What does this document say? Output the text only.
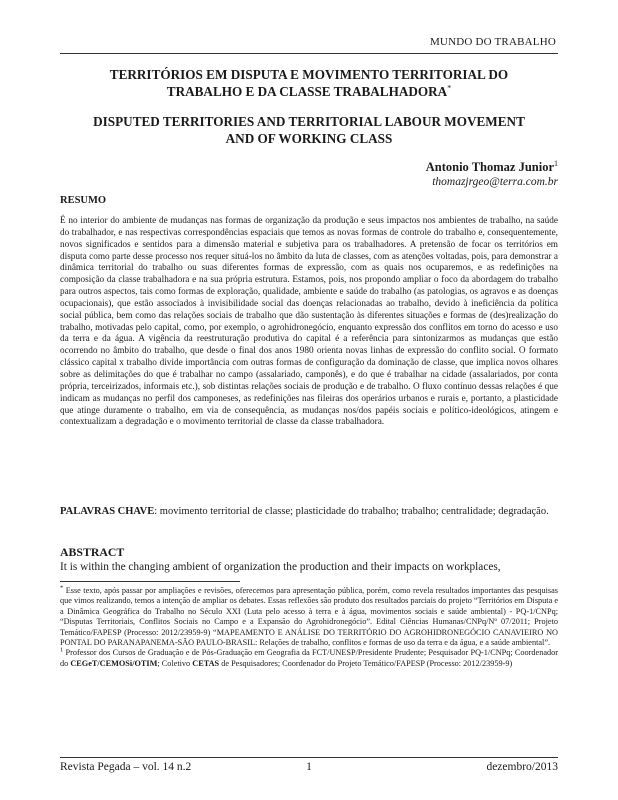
MUNDO DO TRABALHO
TERRITÓRIOS EM DISPUTA E MOVIMENTO TERRITORIAL DO
TRABALHO E DA CLASSE TRABALHADORA*
DISPUTED TERRITORIES AND TERRITORIAL LABOUR MOVEMENT
AND OF WORKING CLASS
Antonio Thomaz Junior$^1$
thomazjrgeo@terra.com.br
RESUMO
É no interior do ambiente de mudanças nas formas de organização da produção e seus impactos nos ambientes de trabalho, na saúde do trabalhador, e nas respectivas correspondências espaciais que temos as novas formas de controle do trabalho e, consequentemente, novos significados e sentidos para a dimensão material e subjetiva para os trabalhadores. A pretensão de focar os territórios em disputa como parte desse processo nos requer situá-los no âmbito da luta de classes, com as atenções voltadas, pois, para demonstrar a dinâmica territorial do trabalho ou suas diferentes formas de expressão, com as quais nos ocuparemos, e as redefinições na composição da classe trabalhadora e na sua própria estrutura. Estamos, pois, nos propondo ampliar o foco da abordagem do trabalho para outros aspectos, tais como formas de exploração, qualidade, ambiente e saúde do trabalho (as patologias, os agravos e as doenças ocupacionais), que estão associados à invisibilidade social das doenças relacionadas ao trabalho, devido à ineficiência da política social pública, bem como das relações sociais de trabalho que dão sustentação às diferentes situações e formas de (des)realização do trabalho, motivadas pelo capital, como, por exemplo, o agrohidronegócio, enquanto expressão dos conflitos em torno do acesso e uso da terra e da água. A vigência da reestruturação produtiva do capital é a referência para sintonizarmos as mudanças que estão ocorrendo no âmbito do trabalho, que desde o final dos anos 1980 orienta novas linhas de expressão do conflito social. O formato clássico capital x trabalho divide importância com outras formas de configuração da dominação de classe, que implica novos olhares sobre as delimitações do que é trabalhar no campo (assalariado, camponês), e do que é trabalhar na cidade (assalariados, por conta própria, terceirizados, informais etc.), sob distintas relações sociais de produção e de trabalho. O fluxo contínuo dessas relações é que indicam as mudanças no perfil dos camponeses, as redefinições nas fileiras dos operários urbanos e rurais e, portanto, a plasticidade que atinge duramente o trabalho, em via de consequência, as mudanças nos/dos papéis sociais e político-ideológicos, atingem e contextualizam a degradação e o movimento territorial de classe da classe trabalhadora.
PALAVRAS CHAVE: movimento territorial de classe; plasticidade do trabalho; trabalho; centralidade; degradação.
ABSTRACT
It is within the changing ambient of organization the production and their impacts on workplaces,

* Esse texto, após passar por ampliações e revisões, oferecemos para apresentação pública, porém, como revela resultados importantes das pesquisas que vimos realizando, temos a intenção de ampliar os debates. Essas reflexões são produto dos resultados parciais do projeto “Territórios em Disputa e a Dinâmica Geográfica do Trabalho no Século XXI (Luta pelo acesso à terra e à água, movimentos sociais e saúde ambiental) - PQ-1/CNPq; “Disputas Territoriais, Conflitos Sociais no Campo e a Expansão do Agrohidronegócio”. Edital Ciências Humanas/CNPq/Nº 07/2011; Projeto Temático/FAPESP (Processo: 2012/23959-9) “MAPEAMENTO E ANÁLISE DO TERRITÓRIO DO AGROHIDRONEGÓCIO CANAVIEIRO NO PONTAL DO PARANAPANEMA-SÃO PAULO-BRASIL: Relações de trabalho, conflitos e formas de uso da terra e da água, e a saúde ambiental”.

$^1$ Professor dos Cursos de Graduação e de Pós-Graduação em Geografia da FCT/UNESP/Presidente Prudente; Pesquisador PQ-1/CNPq; Coordenador do CEGeT/CEMOSi/OTIM; Coletivo CETAS de Pesquisadores; Coordenador do Projeto Temático/FAPESP (Processo: 2012/23959-9)

Revista Pegada – vol. 14 n.2	1	dezembro/2013
